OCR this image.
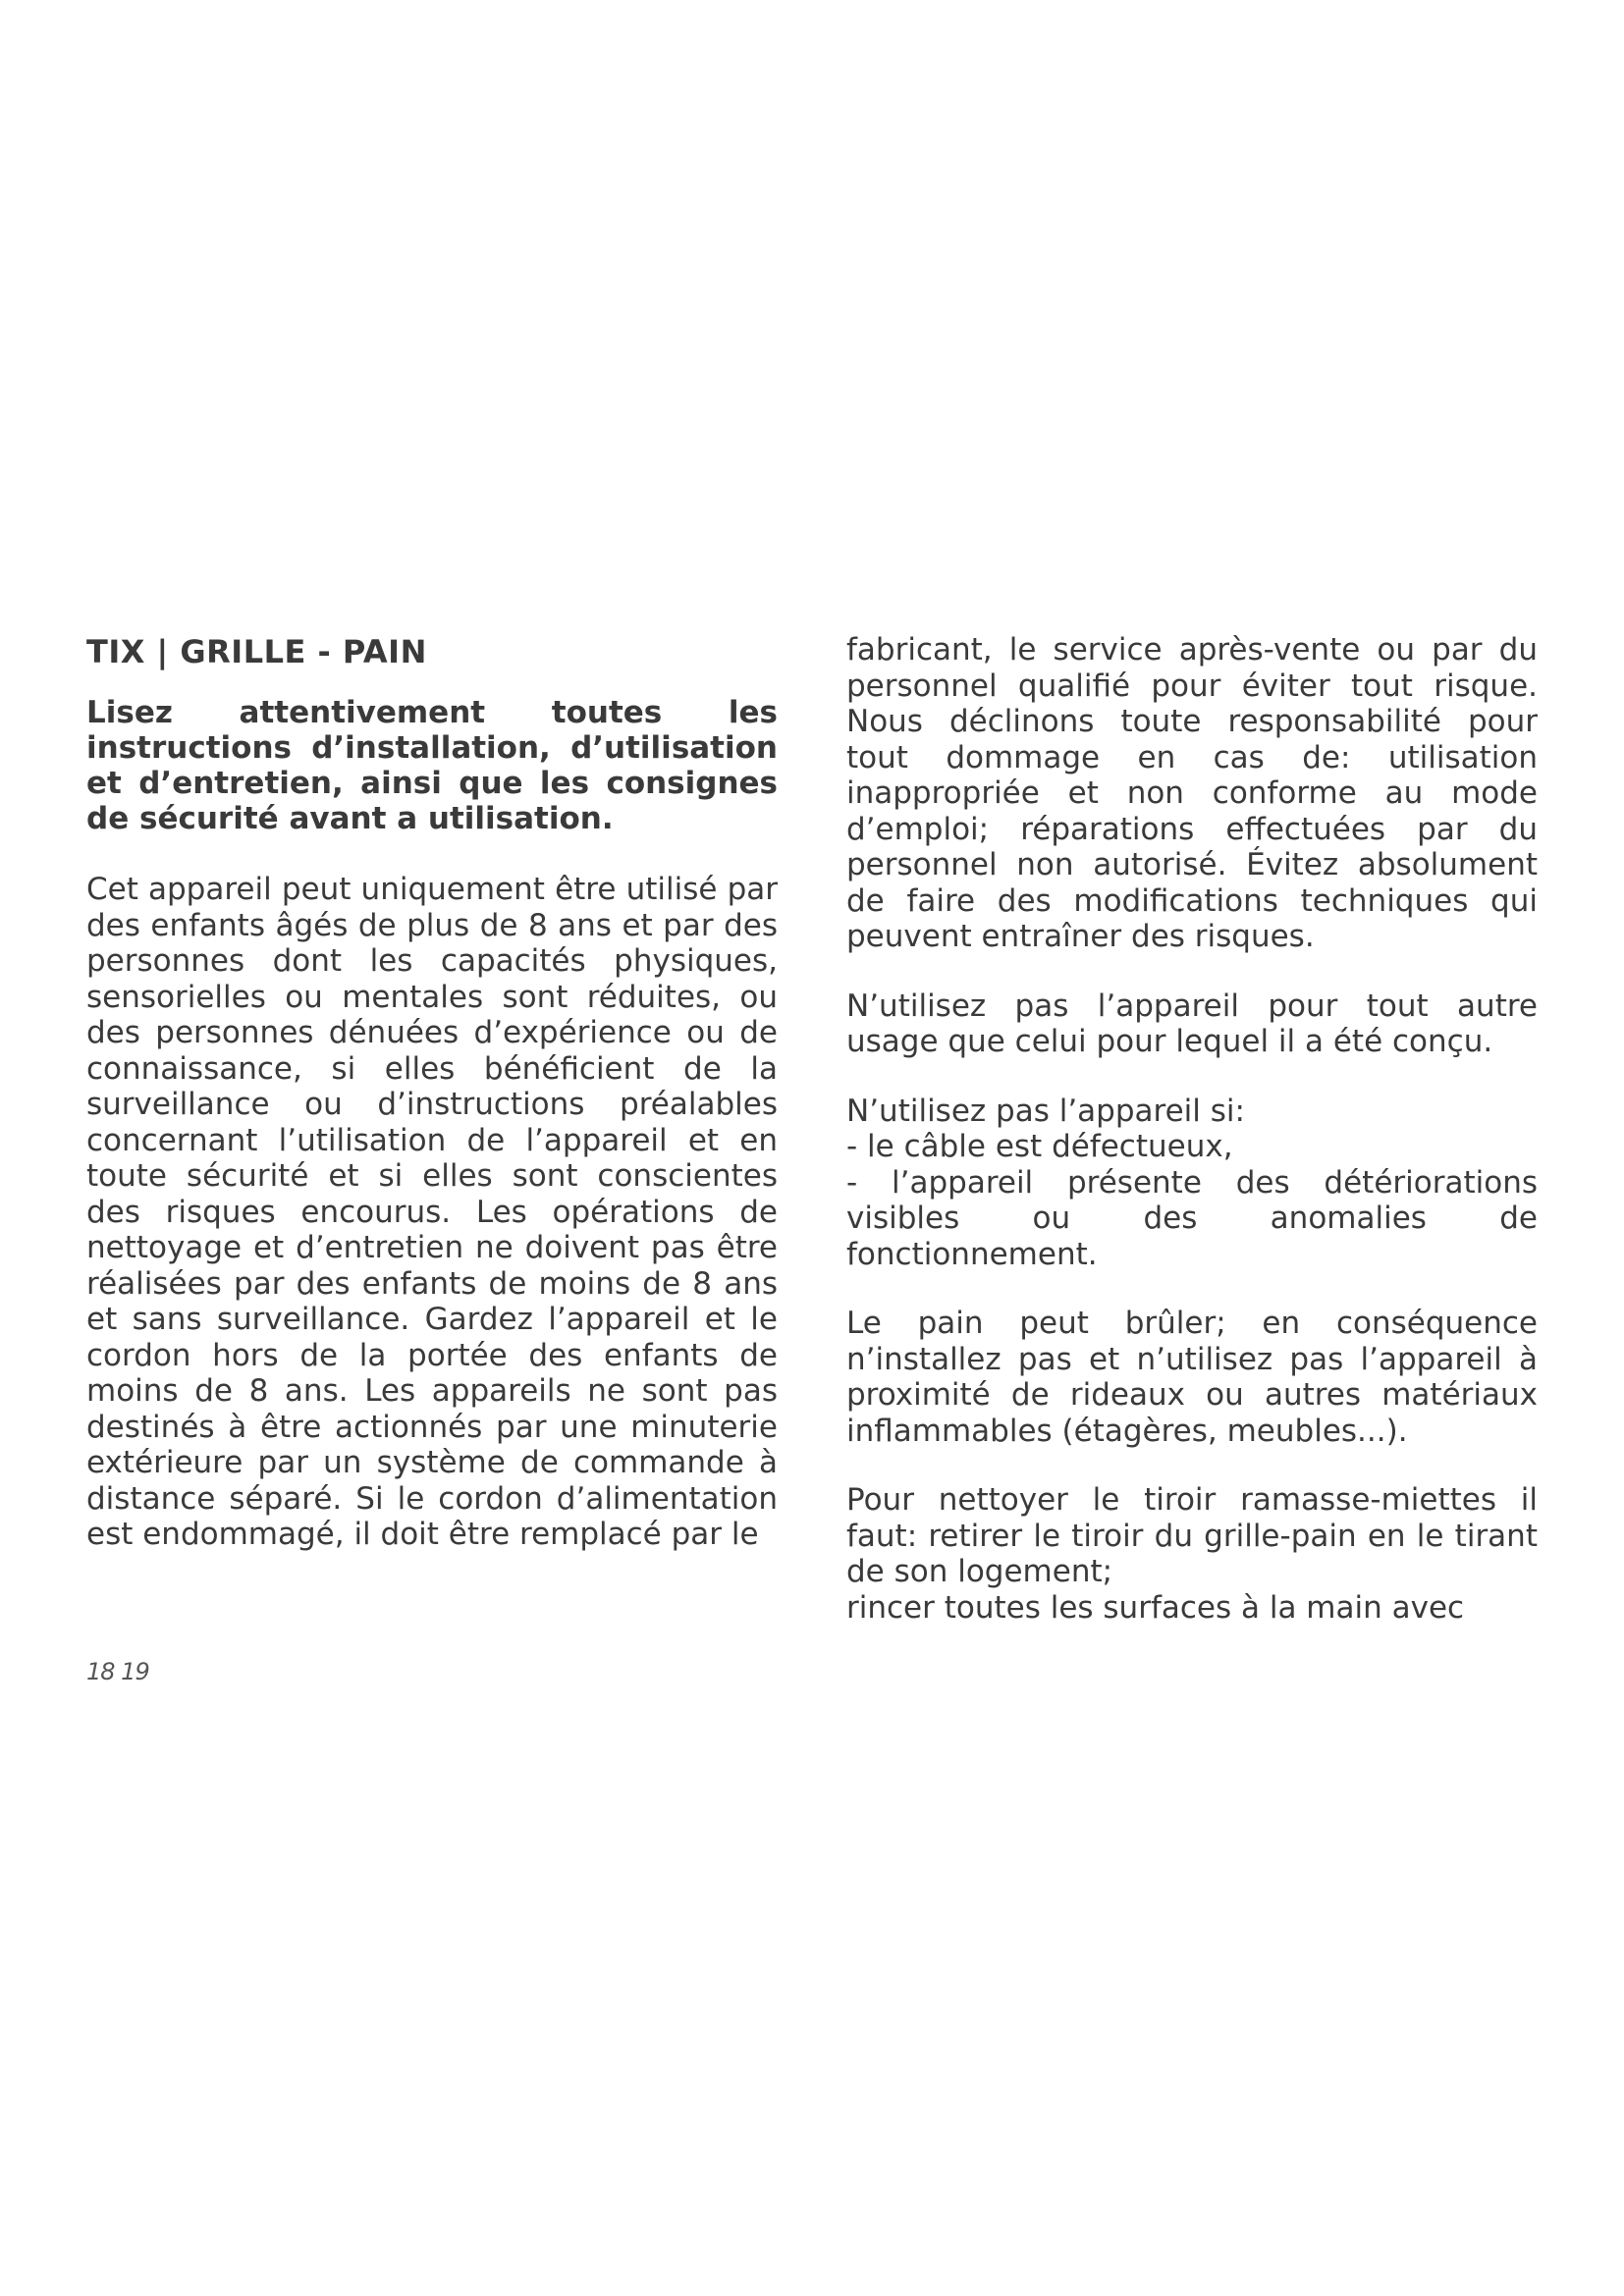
TIX | GRILLE - PAIN

Lisez attentivement toutes les instructions d’installation, d’utilisation et d’entretien, ainsi que les consignes de sécurité avant a utilisation.

Cet appareil peut uniquement être utilisé par des enfants âgés de plus de 8 ans et par des personnes dont les capacités physiques, sensorielles ou mentales sont réduites, ou des personnes dénuées d’expérience ou de connaissance, si elles bénéficient de la surveillance ou d’instructions préalables concernant l’utilisation de l’appareil et en toute sécurité et si elles sont conscientes des risques encourus. Les opérations de nettoyage et d’entretien ne doivent pas être réalisées par des enfants de moins de 8 ans et sans surveillance. Gardez l’appareil et le cordon hors de la portée des enfants de moins de 8 ans. Les appareils ne sont pas destinés à être actionnés par une minuterie extérieure par un système de commande à distance séparé. Si le cordon d’alimentation est endommagé, il doit être remplacé par le

fabricant, le service après-vente ou par du personnel qualifié pour éviter tout risque. Nous déclinons toute responsabilité pour tout dommage en cas de: utilisation inappropriée et non conforme au mode d’emploi; réparations effectuées par du personnel non autorisé. Évitez absolument de faire des modifications techniques qui peuvent entraîner des risques.

N’utilisez pas l’appareil pour tout autre usage que celui pour lequel il a été conçu.

N’utilisez pas l’appareil si:
- le câble est défectueux,
- l’appareil présente des détériorations visibles ou des anomalies de
fonctionnement.

Le pain peut brûler; en conséquence n’installez pas et n’utilisez pas l’appareil à proximité de rideaux ou autres matériaux inflammables (étagères, meubles...).

Pour nettoyer le tiroir ramasse-miettes il faut: retirer le tiroir du grille-pain en le tirant de son logement;
rincer toutes les surfaces à la main avec

18 19
